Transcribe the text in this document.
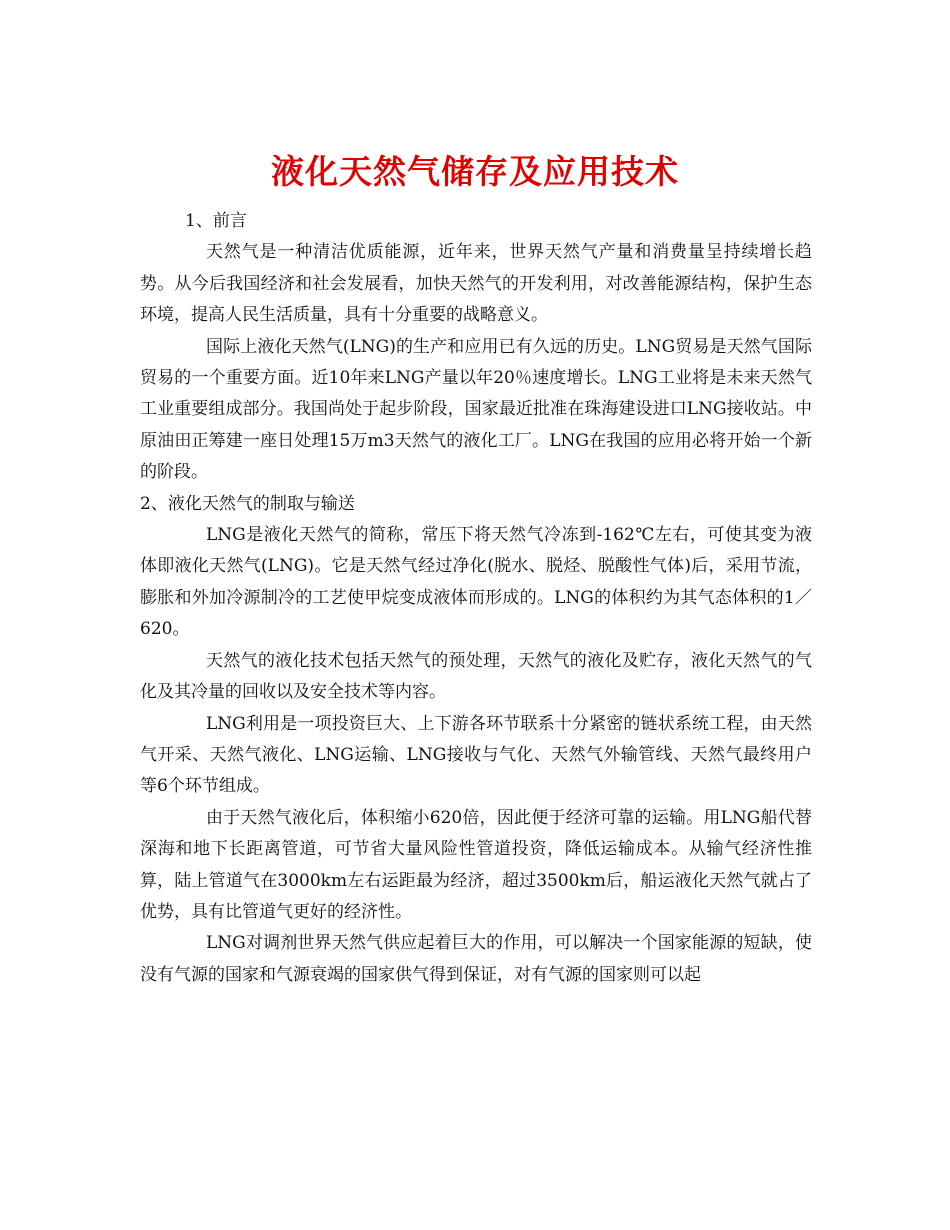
液化天然气储存及应用技术

1、前言

天然气是一种清洁优质能源，近年来，世界天然气产量和消费量呈持续增长趋势。从今后我国经济和社会发展看，加快天然气的开发利用，对改善能源结构，保护生态环境，提高人民生活质量，具有十分重要的战略意义。

国际上液化天然气(LNG)的生产和应用已有久远的历史。LNG贸易是天然气国际贸易的一个重要方面。近10年来LNG产量以年20％速度增长。LNG工业将是未来天然气工业重要组成部分。我国尚处于起步阶段，国家最近批准在珠海建设进口LNG接收站。中原油田正筹建一座日处理15万m3天然气的液化工厂。LNG在我国的应用必将开始一个新的阶段。

2、液化天然气的制取与输送

LNG是液化天然气的简称，常压下将天然气冷冻到-162℃左右，可使其变为液体即液化天然气(LNG)。它是天然气经过净化(脱水、脱烃、脱酸性气体)后，采用节流，膨胀和外加冷源制冷的工艺使甲烷变成液体而形成的。LNG的体积约为其气态体积的1／620。

天然气的液化技术包括天然气的预处理，天然气的液化及贮存，液化天然气的气化及其冷量的回收以及安全技术等内容。

LNG利用是一项投资巨大、上下游各环节联系十分紧密的链状系统工程，由天然气开采、天然气液化、LNG运输、LNG接收与气化、天然气外输管线、天然气最终用户等6个环节组成。

由于天然气液化后，体积缩小620倍，因此便于经济可靠的运输。用LNG船代替深海和地下长距离管道，可节省大量风险性管道投资，降低运输成本。从输气经济性推算，陆上管道气在3000km左右运距最为经济，超过3500km后，船运液化天然气就占了优势，具有比管道气更好的经济性。

LNG对调剂世界天然气供应起着巨大的作用，可以解决一个国家能源的短缺，使没有气源的国家和气源衰竭的国家供气得到保证，对有气源的国家则可以起
